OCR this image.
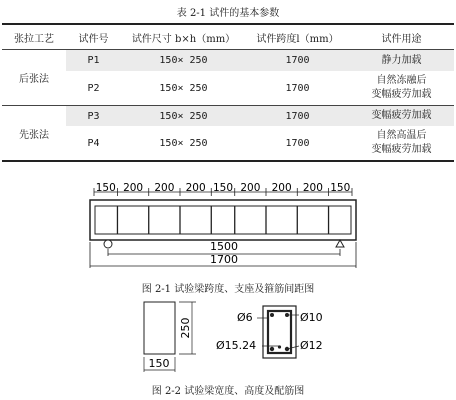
表 2-1 试件的基本参数
张拉工艺	试件号	试件尺寸 b×h（mm）	试件跨度l（mm）	试件用途
后张法	P1	150× 250	1700	静力加载
	P2	150× 250	1700	自然冻融后
变幅疲劳加载
先张法	P3	150× 250	1700	变幅疲劳加载
	P4	150× 250	1700	自然高温后
变幅疲劳加载
150 200 200 200 150 200 200 200 150
1500
1700
图 2-1 试验梁跨度、支座及箍筋间距图
250
150
Ø6	Ø10
Ø15.24	Ø12
图 2-2 试验梁宽度、高度及配筋图
